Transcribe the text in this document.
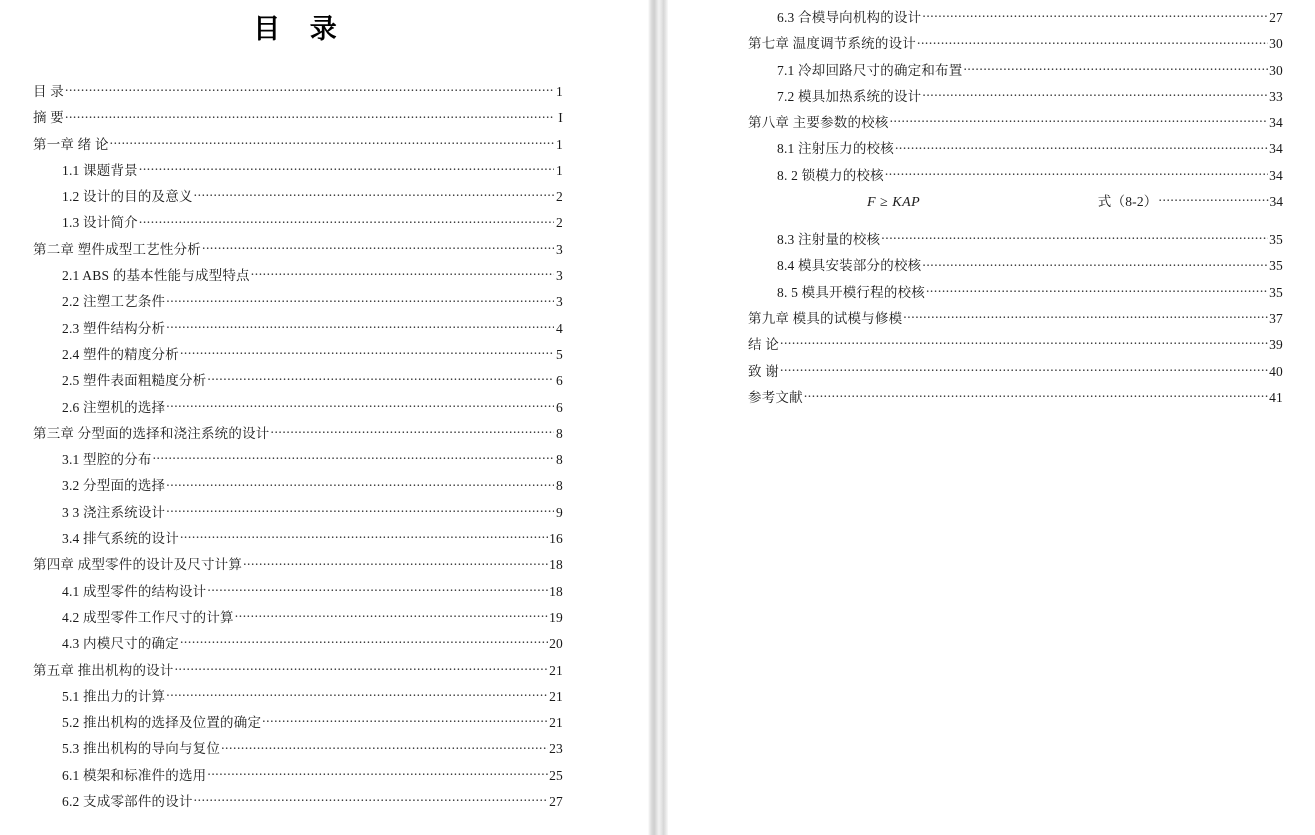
目 录
目 录 .....	1
摘 要 .....	I
第一章 绪 论 .....	1
1.1 课题背景 .....	1
1.2 设计的目的及意义 .....	2
1.3 设计简介 .....	2
第二章 塑件成型工艺性分析 .....	3
2.1 ABS 的基本性能与成型特点 .....	3
2.2 注塑工艺条件 .....	3
2.3 塑件结构分析 .....	4
2.4 塑件的精度分析 .....	5
2.5 塑件表面粗糙度分析 .....	6
2.6 注塑机的选择 .....	6
第三章 分型面的选择和浇注系统的设计 .....	8
3.1 型腔的分布 .....	8
3.2 分型面的选择 .....	8
3 3 浇注系统设计 .....	9
3.4 排气系统的设计 .....	16
第四章 成型零件的设计及尺寸计算 .....	18
4.1 成型零件的结构设计 .....	18
4.2 成型零件工作尺寸的计算 .....	19
4.3 内模尺寸的确定 .....	20
第五章 推出机构的设计 .....	21
5.1 推出力的计算 .....	21
5.2 推出机构的选择及位置的确定 .....	21
5.3 推出机构的导向与复位 .....	23
6.1 模架和标准件的选用 .....	25
6.2 支成零部件的设计 .....	27
6.3 合模导向机构的设计 .....	27
第七章 温度调节系统的设计 .....	30
7.1 冷却回路尺寸的确定和布置 .....	30
7.2 模具加热系统的设计 .....	33
第八章 主要参数的校核 .....	34
8.1 注射压力的校核 .....	34
8. 2 锁模力的校核 .....	34
F ≥ KAP	式（8-2） .....	34
8.3 注射量的校核 .....	35
8.4 模具安装部分的校核 .....	35
8. 5 模具开模行程的校核 .....	35
第九章 模具的试模与修模 .....	37
结 论 .....	39
致 谢 .....	40
参考文献 .....	41
